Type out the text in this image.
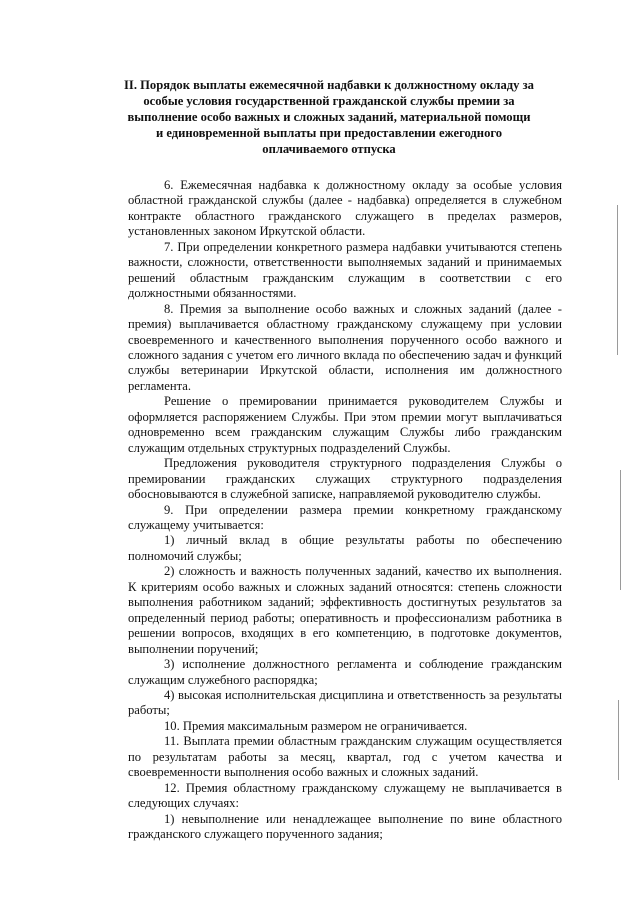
II. Порядок выплаты ежемесячной надбавки к должностному окладу за особые условия государственной гражданской службы премии за выполнение особо важных и сложных заданий, материальной помощи и единовременной выплаты при предоставлении ежегодного оплачиваемого отпуска

6. Ежемесячная надбавка к должностному окладу за особые условия областной гражданской службы (далее - надбавка) определяется в служебном контракте областного гражданского служащего в пределах размеров, установленных законом Иркутской области.

7. При определении конкретного размера надбавки учитываются степень важности, сложности, ответственности выполняемых заданий и принимаемых решений областным гражданским служащим в соответствии с его должностными обязанностями.

8. Премия за выполнение особо важных и сложных заданий (далее - премия) выплачивается областному гражданскому служащему при условии своевременного и качественного выполнения порученного особо важного и сложного задания с учетом его личного вклада по обеспечению задач и функций службы ветеринарии Иркутской области, исполнения им должностного регламента.

Решение о премировании принимается руководителем Службы и оформляется распоряжением Службы. При этом премии могут выплачиваться одновременно всем гражданским служащим Службы либо гражданским служащим отдельных структурных подразделений Службы.

Предложения руководителя структурного подразделения Службы о премировании гражданских служащих структурного подразделения обосновываются в служебной записке, направляемой руководителю службы.

9. При определении размера премии конкретному гражданскому служащему учитывается:

1) личный вклад в общие результаты работы по обеспечению полномочий службы;

2) сложность и важность полученных заданий, качество их выполнения. К критериям особо важных и сложных заданий относятся: степень сложности выполнения работником заданий; эффективность достигнутых результатов за определенный период работы; оперативность и профессионализм работника в решении вопросов, входящих в его компетенцию, в подготовке документов, выполнении поручений;

3) исполнение должностного регламента и соблюдение гражданским служащим служебного распорядка;

4) высокая исполнительская дисциплина и ответственность за результаты работы;

10. Премия максимальным размером не ограничивается.

11. Выплата премии областным гражданским служащим осуществляется по результатам работы за месяц, квартал, год с учетом качества и своевременности выполнения особо важных и сложных заданий.

12. Премия областному гражданскому служащему не выплачивается в следующих случаях:

1) невыполнение или ненадлежащее выполнение по вине областного гражданского служащего порученного задания;
